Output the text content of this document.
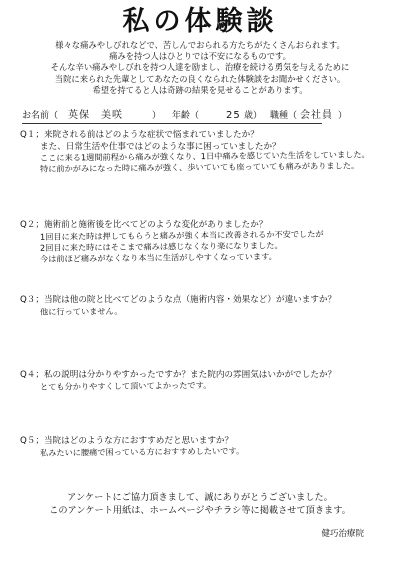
私の体験談
様々な痛みやしびれなどで、苦しんでおられる方たちがたくさんおられます。
痛みを持つ人はひとりでは不安になるものです。
そんな辛い痛みやしびれを持つ人達を励まし、治療を続ける勇気を与えるために
当院に来られた先輩としてあなたの良くなられた体験談をお聞かせください。
希望を持てると人は奇跡の結果を見せることがあります。
お名前（ 英保　美咲	） 年齢（	25 歳） 職種（ 会社員 ）
Q１；来院される前はどのような症状で悩まれていましたか？
また、日常生活や仕事ではどのような事に困っていましたか？
ここに来る1週間前程から痛みが強くなり、1日中痛みを感じていた生活をしていました。
特に前かがみになった時に痛みが強く、歩いていても座っていても痛みがありました。
Q２；施術前と施術後を比べてどのような変化がありましたか？
1回目に来た時は押してもらうと痛みが強く本当に改善されるか不安でしたが
2回目に来た時にはそこまで痛みは感じなくなり楽になりました。
今は前ほど痛みがなくなり本当に生活がしやすくなっています。
Q３；当院は他の院と比べてどのような点（施術内容・効果など）が違いますか？
他に行っていません。
Q４；私の説明は分かりやすかったですか？また院内の雰囲気はいかがでしたか？
とても分かりやすくして頂いてよかったです。
Q５；当院はどのような方におすすめだと思いますか？
私みたいに腰痛で困っている方におすすめしたいです。
アンケートにご協力頂きまして、誠にありがとうございました。
このアンケート用紙は、ホームページやチラシ等に掲載させて頂きます。
健巧治療院
